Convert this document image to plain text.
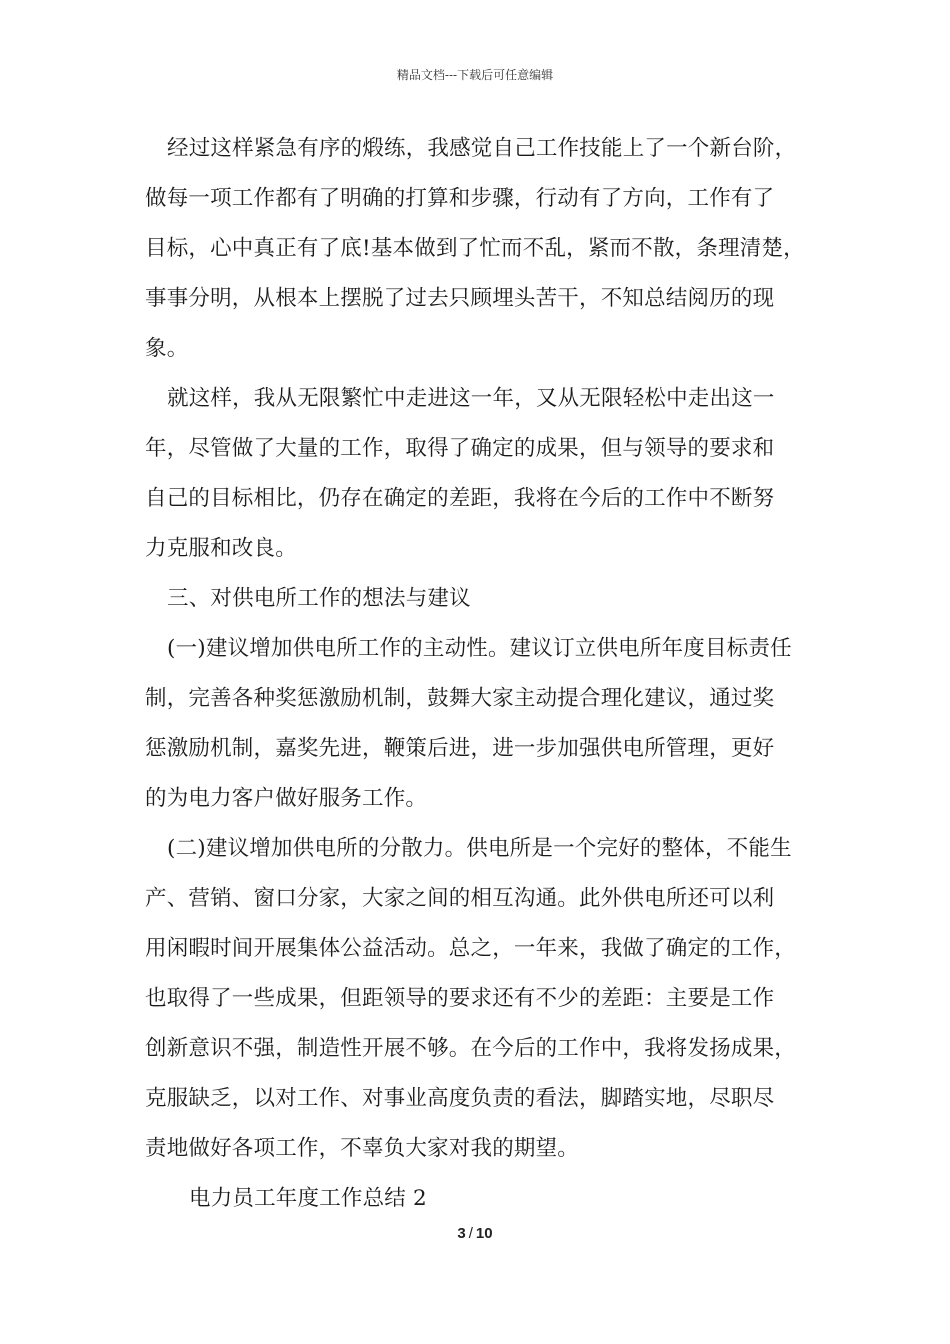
精品文档---下载后可任意编辑
经过这样紧急有序的煅练，我感觉自己工作技能上了一个新台阶，
做每一项工作都有了明确的打算和步骤，行动有了方向，工作有了
目标，心中真正有了底!基本做到了忙而不乱，紧而不散，条理清楚，
事事分明，从根本上摆脱了过去只顾埋头苦干，不知总结阅历的现
象。
就这样，我从无限繁忙中走进这一年，又从无限轻松中走出这一
年，尽管做了大量的工作，取得了确定的成果，但与领导的要求和
自己的目标相比，仍存在确定的差距，我将在今后的工作中不断努
力克服和改良。
三、对供电所工作的想法与建议
(一)建议增加供电所工作的主动性。建议订立供电所年度目标责任
制，完善各种奖惩激励机制，鼓舞大家主动提合理化建议，通过奖
惩激励机制，嘉奖先进，鞭策后进，进一步加强供电所管理，更好
的为电力客户做好服务工作。
(二)建议增加供电所的分散力。供电所是一个完好的整体，不能生
产、营销、窗口分家，大家之间的相互沟通。此外供电所还可以利
用闲暇时间开展集体公益活动。总之，一年来，我做了确定的工作，
也取得了一些成果，但距领导的要求还有不少的差距：主要是工作
创新意识不强，制造性开展不够。在今后的工作中，我将发扬成果，
克服缺乏，以对工作、对事业高度负责的看法，脚踏实地，尽职尽
责地做好各项工作，不辜负大家对我的期望。
电力员工年度工作总结 2
3 / 10
